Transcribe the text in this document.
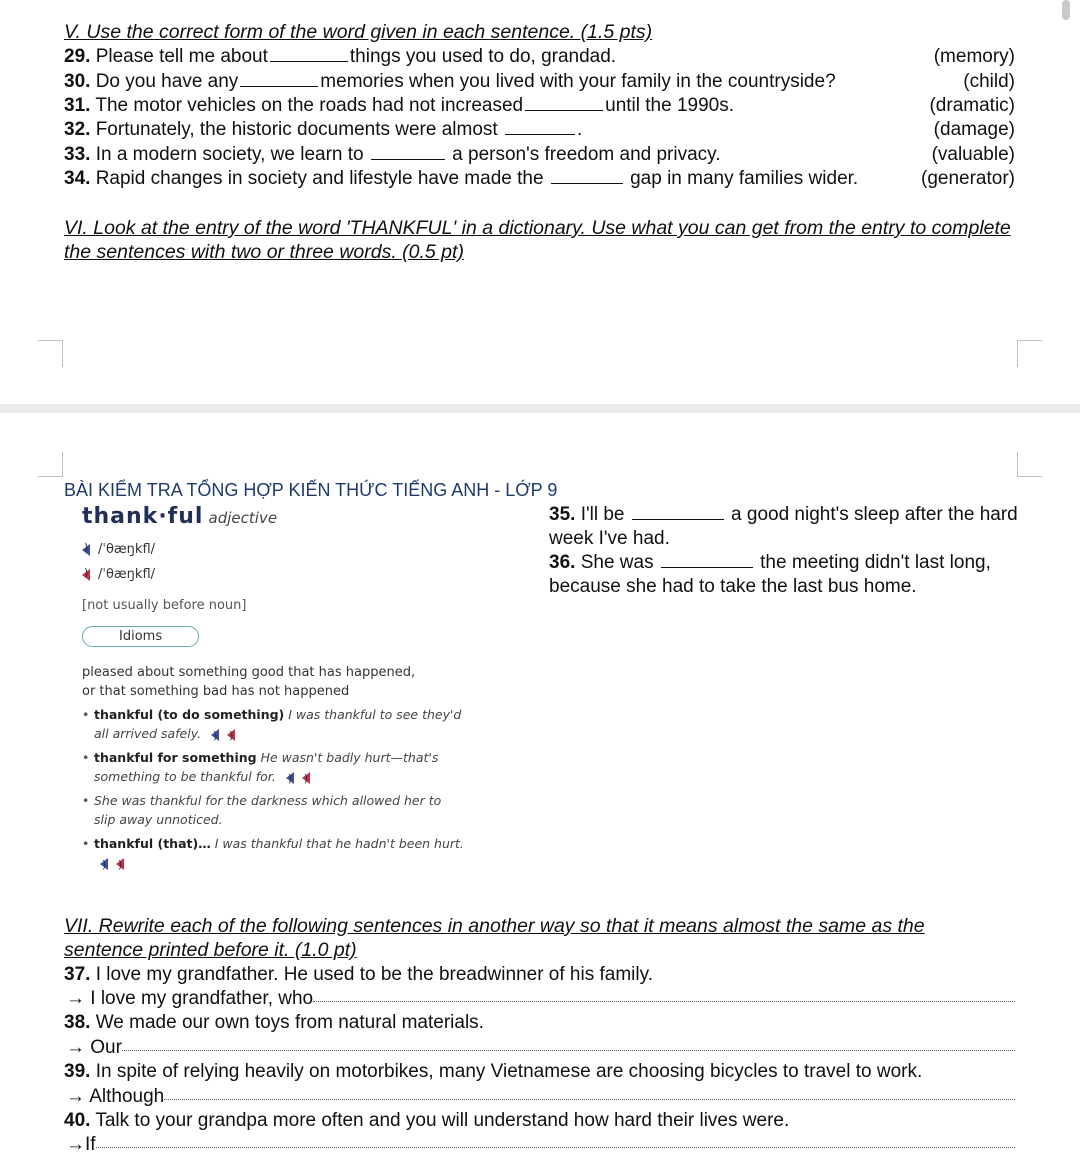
V. Use the correct form of the word given in each sentence. (1.5 pts)
29. Please tell me about	things you used to do, grandad.	(memory)
30. Do you have any	memories when you lived with your family in the countryside?	(child)
31. The motor vehicles on the roads had not increased	until the 1990s.	(dramatic)
32. Fortunately, the historic documents were almost	.	(damage)
33. In a modern society, we learn to	a person's freedom and privacy.	(valuable)
34. Rapid changes in society and lifestyle have made the	gap in many families wider.	(generator)
VI. Look at the entry of the word 'THANKFUL' in a dictionary. Use what you can get from the entry to complete the sentences with two or three words. (0.5 pt)
BÀI KIỂM TRA TỔNG HỢP KIẾN THỨC TIẾNG ANH - LỚP 9
thank·ful adjective
)/ˈθæŋkfl/
)/ˈθæŋkfl/
[not usually before noun]
Idioms
pleased about something good that has happened, or that something bad has not happened
• thankful (to do something) I was thankful to see they'd all arrived safely. ))
• thankful for something He wasn't badly hurt—that's something to be thankful for. ))
• She was thankful for the darkness which allowed her to slip away unnoticed.
• thankful (that)… I was thankful that he hadn't been hurt. ))
35. I'll be	a good night's sleep after the hard week I've had.
36. She was	the meeting didn't last long, because she had to take the last bus home.
VII. Rewrite each of the following sentences in another way so that it means almost the same as the sentence printed before it. (1.0 pt)
37. I love my grandfather. He used to be the breadwinner of his family.
→ I love my grandfather, who
38. We made our own toys from natural materials.
→ Our
39. In spite of relying heavily on motorbikes, many Vietnamese are choosing bicycles to travel to work.
→ Although
40. Talk to your grandpa more often and you will understand how hard their lives were.
→If
